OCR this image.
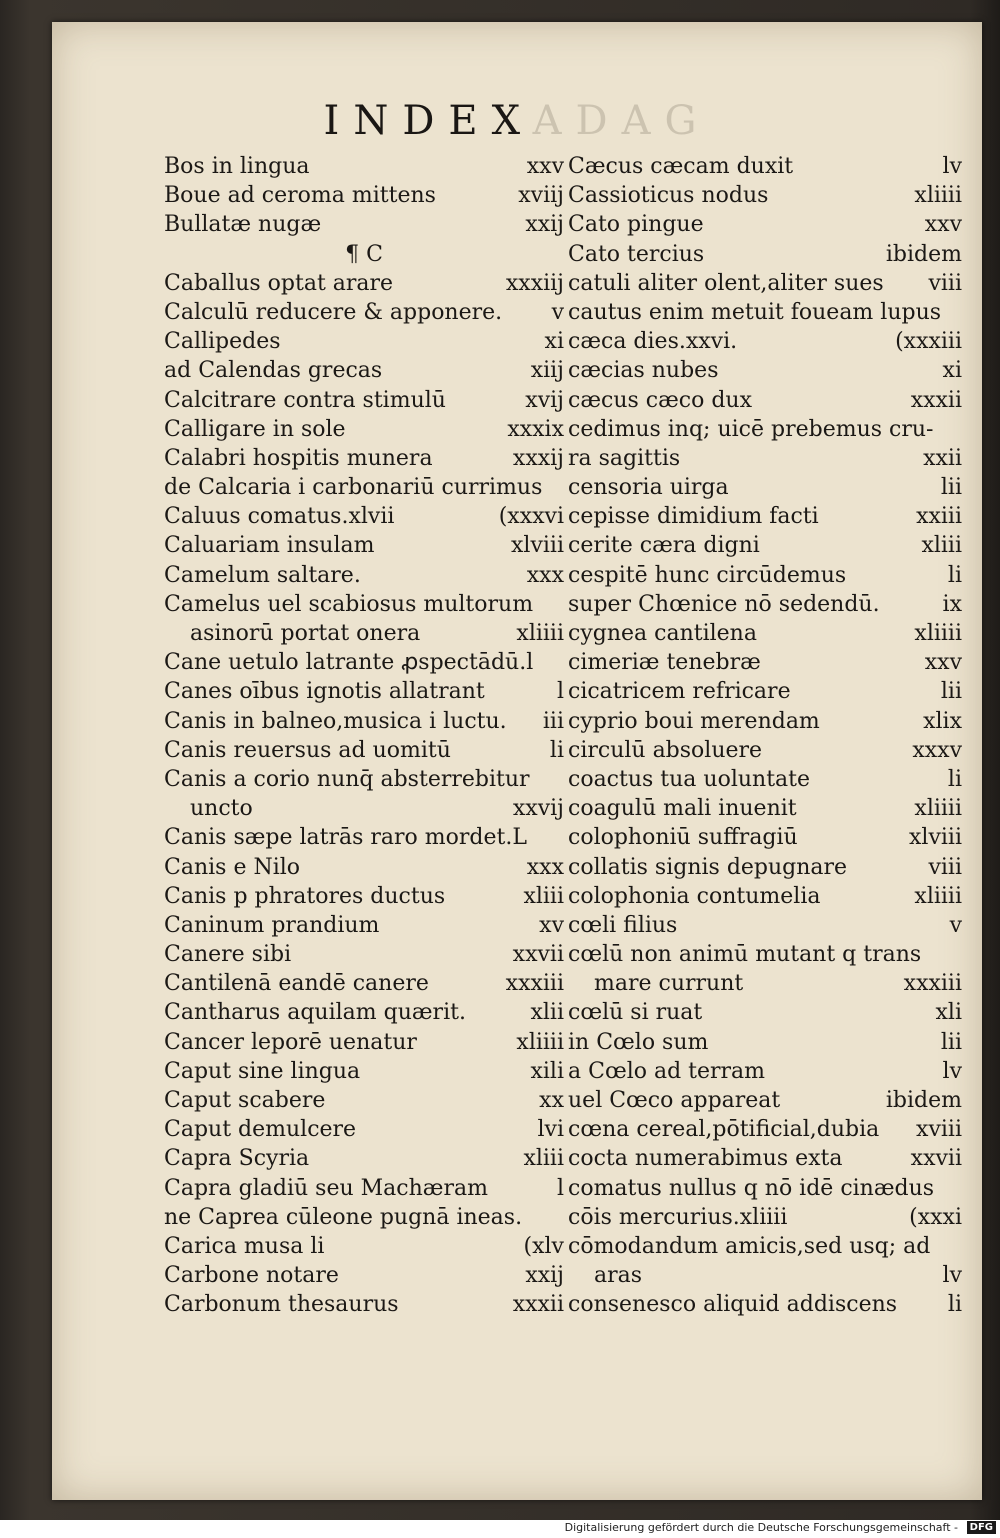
INDEXADAG
Bos in lingua	xxv
Boue ad ceroma mittens	xviij
Bullatæ nugæ	xxij
¶ C
Caballus optat arare	xxxiij
Calculū reducere & apponere. v
Callipedes	xi
ad Calendas grecas	xiij
Calcitrare contra stimulū	xvij
Calligare in sole	xxxix
Calabri hospitis munera	xxxij
de Calcaria i carbonariū currimus
Caluus comatus.xlvii	(xxxvi
Caluariam insulam	xlviii
Camelum saltare.	xxx
Camelus uel scabiosus multorum
asinorū portat onera	xliiii
Cane uetulo latrante ꝓspectādū.l
Canes oībus ignotis allatrant	l
Canis in balneo,musica i luctu. iii
Canis reuersus ad uomitū	li
Canis a corio nunq̄ absterrebitur
uncto	xxvij
Canis sæpe latrās raro mordet.L
Canis e Nilo	xxx
Canis p phratores ductus	xliii
Caninum prandium	xv
Canere sibi	xxvii
Cantilenā eandē canere	xxxiii
Cantharus aquilam quærit.	xlii
Cancer leporē uenatur	xliiii
Caput sine lingua	xili
Caput scabere	xx
Caput demulcere	lvi
Capra Scyria	xliii
Capra gladiū seu Machæram	l
ne Caprea cūleone pugnā ineas.
Carica musa li	(xlv
Carbone notare	xxij
Carbonum thesaurus	xxxii
Cæcus cæcam duxit	lv
Cassioticus nodus	xliiii
Cato pingue	xxv
Cato tercius	ibidem
catuli aliter olent,aliter sues viii
cautus enim metuit foueam lupus
cæca dies.xxvi.	(xxxiii
cæcias nubes	xi
cæcus cæco dux	xxxii
cedimus inq; uicē prebemus cru-
ra sagittis	xxii
censoria uirga	lii
cepisse dimidium facti	xxiii
cerite cæra digni	xliii
cespitē hunc circūdemus	li
super Chœnice nō sedendū.	ix
cygnea cantilena	xliiii
cimeriæ tenebræ	xxv
cicatricem refricare	lii
cyprio boui merendam	xlix
circulū absoluere	xxxv
coactus tua uoluntate	li
coagulū mali inuenit	xliiii
colophoniū suffragiū	xlviii
collatis signis depugnare	viii
colophonia contumelia	xliiii
cœli filius	v
cœlū non animū mutant q trans
mare currunt	xxxiii
cœlū si ruat	xli
in Cœlo sum	lii
a Cœlo ad terram	lv
uel Cœco appareat	ibidem
cœna cereal,pōtificial,dubia xviii
cocta numerabimus exta	xxvii
comatus nullus q nō idē cinædus
cōis mercurius.xliiii	(xxxi
cōmodandum amicis,sed usq; ad
aras	lv
consenesco aliquid addiscens li
Digitalisierung gefördert durch die Deutsche Forschungsgemeinschaft -	DFG
